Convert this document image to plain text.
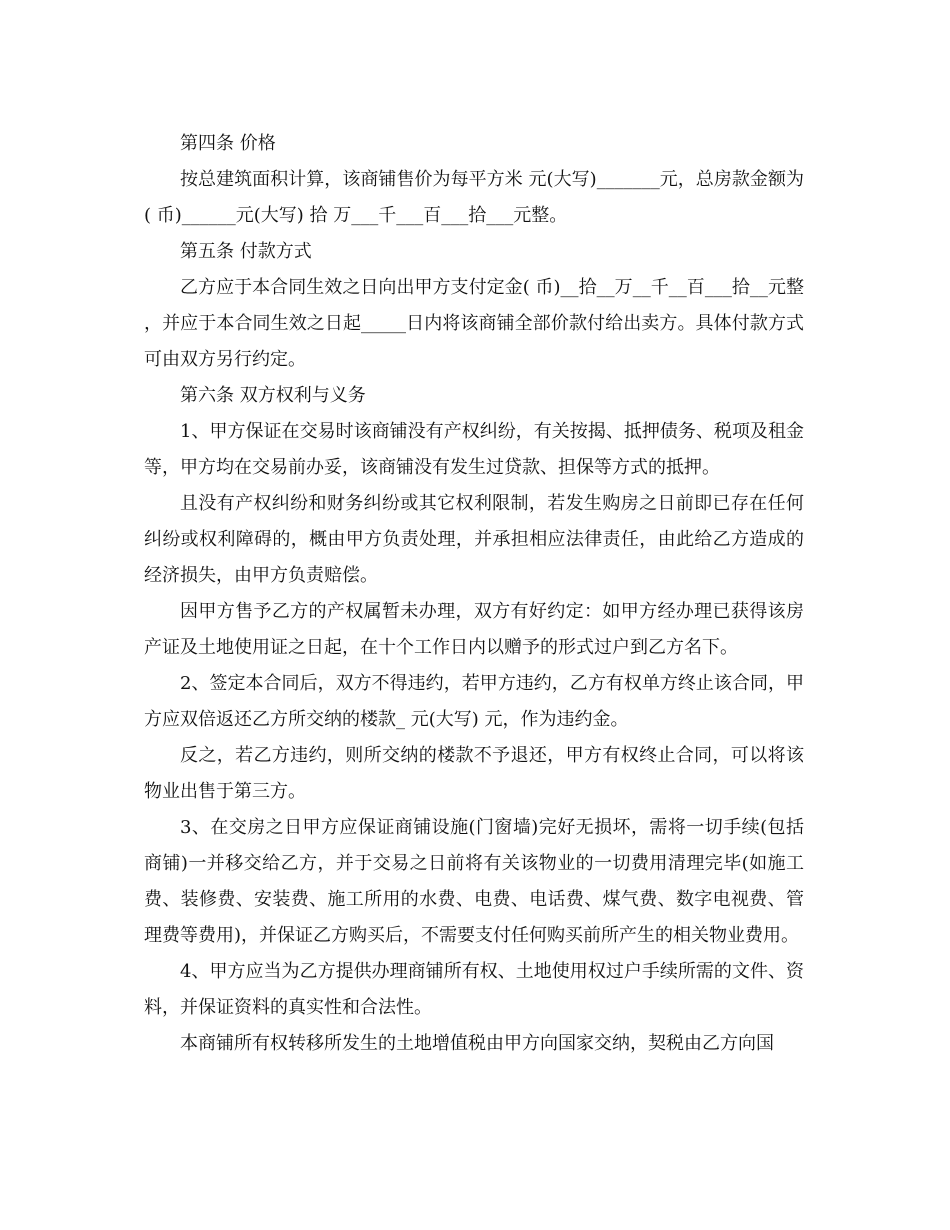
第四条 价格

按总建筑面积计算，该商铺售价为每平方米 元(大写)_______元，总房款金额为( 币)______元(大写) 拾 万___千___百___拾___元整。

第五条 付款方式

乙方应于本合同生效之日向出甲方支付定金( 币)__拾__万__千__百___拾__元整，并应于本合同生效之日起_____日内将该商铺全部价款付给出卖方。具体付款方式可由双方另行约定。

第六条 双方权利与义务

1、甲方保证在交易时该商铺没有产权纠纷，有关按揭、抵押债务、税项及租金等，甲方均在交易前办妥，该商铺没有发生过贷款、担保等方式的抵押。

且没有产权纠纷和财务纠纷或其它权利限制，若发生购房之日前即已存在任何纠纷或权利障碍的，概由甲方负责处理，并承担相应法律责任，由此给乙方造成的经济损失，由甲方负责赔偿。

因甲方售予乙方的产权属暂未办理，双方有好约定：如甲方经办理已获得该房产证及土地使用证之日起，在十个工作日内以赠予的形式过户到乙方名下。

2、签定本合同后，双方不得违约，若甲方违约，乙方有权单方终止该合同，甲方应双倍返还乙方所交纳的楼款_ 元(大写) 元，作为违约金。

反之，若乙方违约，则所交纳的楼款不予退还，甲方有权终止合同，可以将该物业出售于第三方。

3、在交房之日甲方应保证商铺设施(门窗墙)完好无损坏，需将一切手续(包括商铺)一并移交给乙方，并于交易之日前将有关该物业的一切费用清理完毕(如施工费、装修费、安装费、施工所用的水费、电费、电话费、煤气费、数字电视费、管理费等费用)，并保证乙方购买后，不需要支付任何购买前所产生的相关物业费用。

4、甲方应当为乙方提供办理商铺所有权、土地使用权过户手续所需的文件、资料，并保证资料的真实性和合法性。

本商铺所有权转移所发生的土地增值税由甲方向国家交纳，契税由乙方向国
